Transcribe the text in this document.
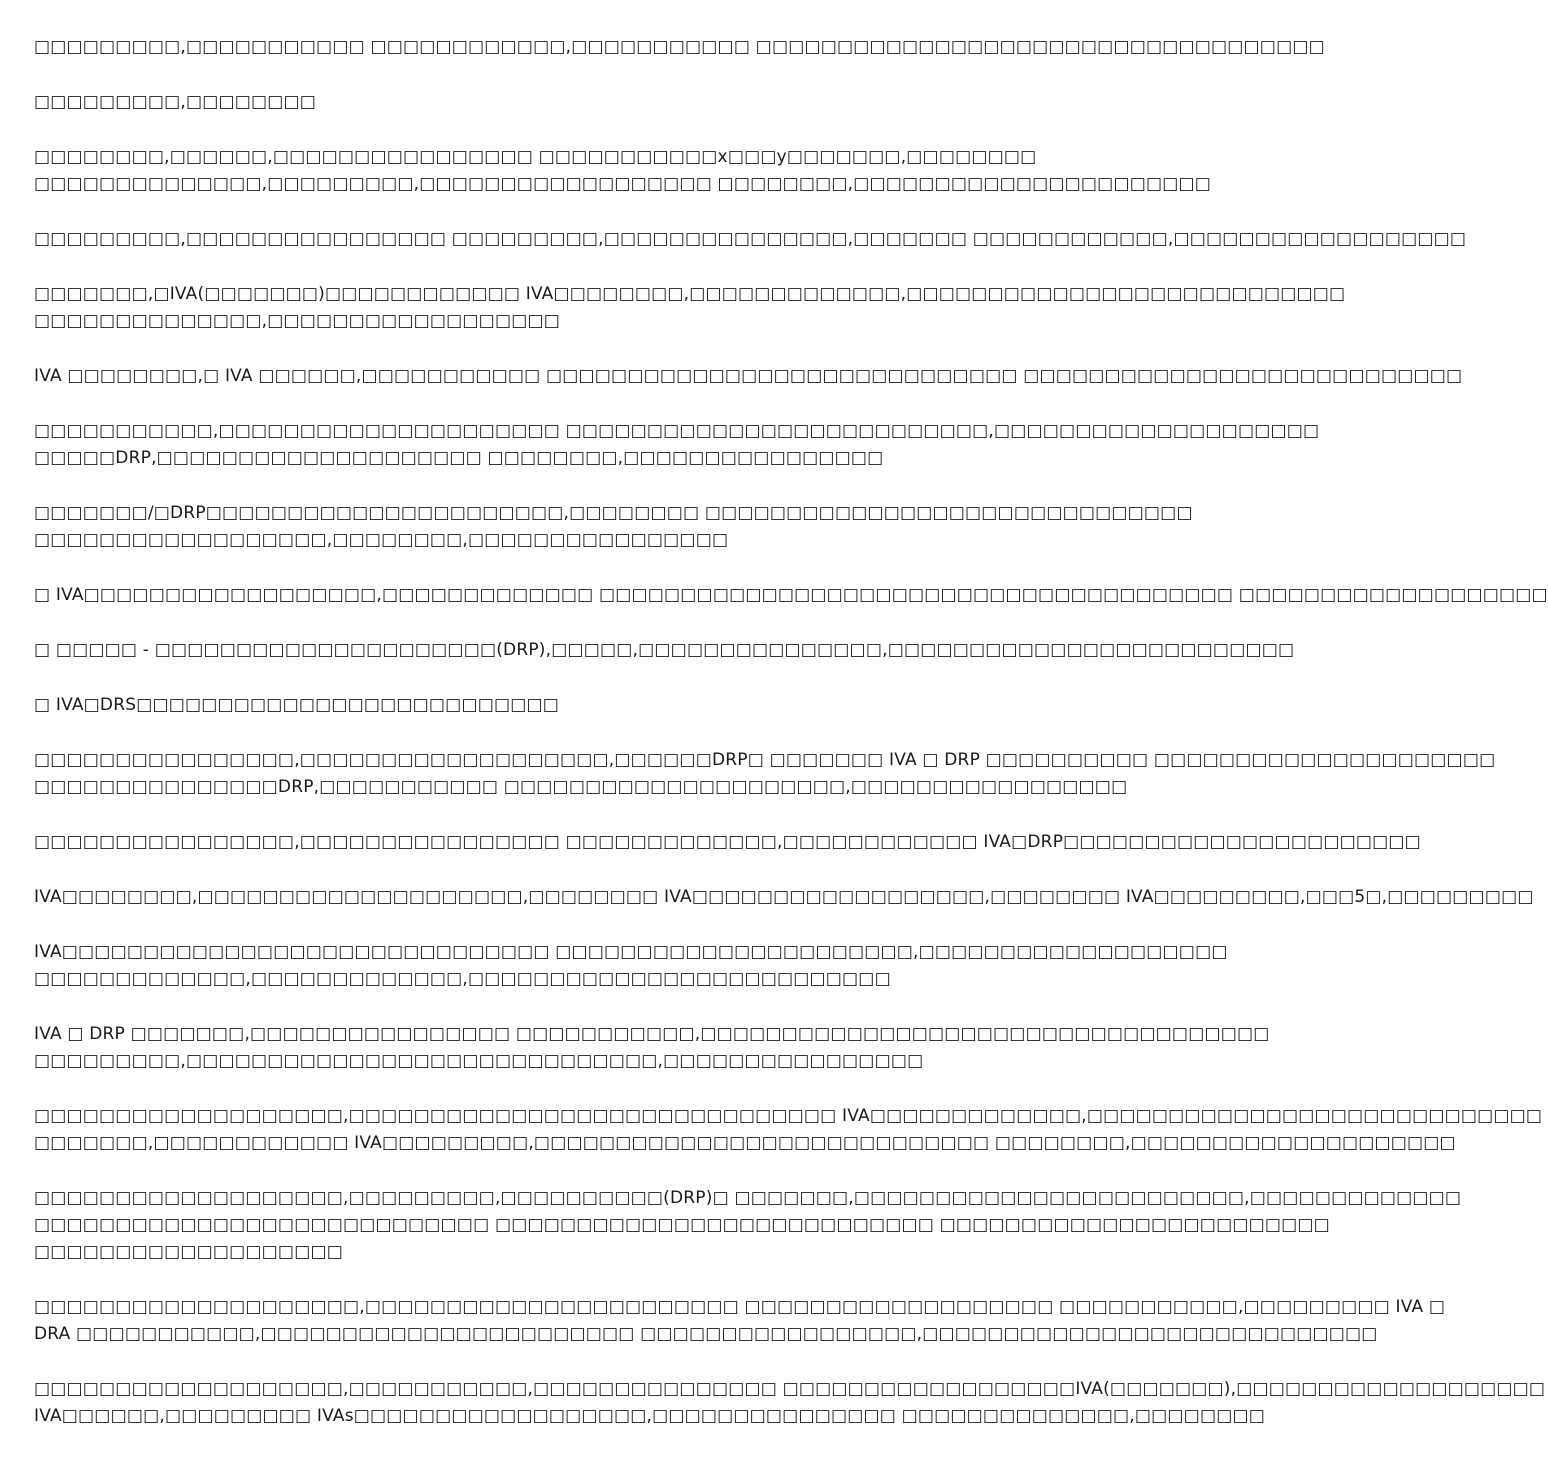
□□□□□□□□□,□□□□□□□□□□□ □□□□□□□□□□□□,□□□□□□□□□□□ □□□□□□□□□□□□□□□□□□□□□□□□□□□□□□□□□□□
□□□□□□□□□,□□□□□□□□
□□□□□□□□,□□□□□□,□□□□□□□□□□□□□□□□ □□□□□□□□□□□x□□□y□□□□□□□,□□□□□□□□
□□□□□□□□□□□□□□,□□□□□□□□□,□□□□□□□□□□□□□□□□□□ □□□□□□□□,□□□□□□□□□□□□□□□□□□□□□□
□□□□□□□□□,□□□□□□□□□□□□□□□□ □□□□□□□□□,□□□□□□□□□□□□□□□,□□□□□□□ □□□□□□□□□□□□,□□□□□□□□□□□□□□□□□□
□□□□□□□,□IVA(□□□□□□□)□□□□□□□□□□□□ IVA□□□□□□□□,□□□□□□□□□□□□□,□□□□□□□□□□□□□□□□□□□□□□□□□□□
□□□□□□□□□□□□□□,□□□□□□□□□□□□□□□□□□
IVA □□□□□□□□,□ IVA □□□□□□,□□□□□□□□□□□ □□□□□□□□□□□□□□□□□□□□□□□□□□□□□ □□□□□□□□□□□□□□□□□□□□□□□□□□□
□□□□□□□□□□□,□□□□□□□□□□□□□□□□□□□□□ □□□□□□□□□□□□□□□□□□□□□□□□□□,□□□□□□□□□□□□□□□□□□□□
□□□□□DRP,□□□□□□□□□□□□□□□□□□□□ □□□□□□□□,□□□□□□□□□□□□□□□□
□□□□□□□/□DRP□□□□□□□□□□□□□□□□□□□□□□,□□□□□□□□ □□□□□□□□□□□□□□□□□□□□□□□□□□□□□□
□□□□□□□□□□□□□□□□□□,□□□□□□□□,□□□□□□□□□□□□□□□□
□ IVA□□□□□□□□□□□□□□□□□□,□□□□□□□□□□□□□ □□□□□□□□□□□□□□□□□□□□□□□□□□□□□□□□□□□□□□□ □□□□□□□□□□□□□□□□□□□
□ □□□□□ - □□□□□□□□□□□□□□□□□□□□□(DRP),□□□□□,□□□□□□□□□□□□□□□,□□□□□□□□□□□□□□□□□□□□□□□□□
□ IVA□DRS□□□□□□□□□□□□□□□□□□□□□□□□□□
□□□□□□□□□□□□□□□□,□□□□□□□□□□□□□□□□□□□,□□□□□□DRP□ □□□□□□□ IVA □ DRP □□□□□□□□□□ □□□□□□□□□□□□□□□□□□□□□
□□□□□□□□□□□□□□□DRP,□□□□□□□□□□□ □□□□□□□□□□□□□□□□□□□□□,□□□□□□□□□□□□□□□□□
□□□□□□□□□□□□□□□□,□□□□□□□□□□□□□□□□ □□□□□□□□□□□□□,□□□□□□□□□□□□ IVA□DRP□□□□□□□□□□□□□□□□□□□□□□
IVA□□□□□□□□,□□□□□□□□□□□□□□□□□□□□,□□□□□□□□ IVA□□□□□□□□□□□□□□□□□□,□□□□□□□□ IVA□□□□□□□□□,□□□5□,□□□□□□□□□
IVA□□□□□□□□□□□□□□□□□□□□□□□□□□□□□□ □□□□□□□□□□□□□□□□□□□□□□,□□□□□□□□□□□□□□□□□□□
□□□□□□□□□□□□□,□□□□□□□□□□□□□,□□□□□□□□□□□□□□□□□□□□□□□□□□
IVA □ DRP □□□□□□□,□□□□□□□□□□□□□□□□ □□□□□□□□□□□,□□□□□□□□□□□□□□□□□□□□□□□□□□□□□□□□□□□
□□□□□□□□□,□□□□□□□□□□□□□□□□□□□□□□□□□□□□□,□□□□□□□□□□□□□□□□
□□□□□□□□□□□□□□□□□□□,□□□□□□□□□□□□□□□□□□□□□□□□□□□□□□ IVA□□□□□□□□□□□□□,□□□□□□□□□□□□□□□□□□□□□□□□□□□□
□□□□□□□,□□□□□□□□□□□□ IVA□□□□□□□□□,□□□□□□□□□□□□□□□□□□□□□□□□□□□□ □□□□□□□□,□□□□□□□□□□□□□□□□□□□□
□□□□□□□□□□□□□□□□□□□,□□□□□□□□□,□□□□□□□□□□(DRP)□ □□□□□□□,□□□□□□□□□□□□□□□□□□□□□□□□,□□□□□□□□□□□□□
□□□□□□□□□□□□□□□□□□□□□□□□□□□□ □□□□□□□□□□□□□□□□□□□□□□□□□□□ □□□□□□□□□□□□□□□□□□□□□□□□
□□□□□□□□□□□□□□□□□□□
□□□□□□□□□□□□□□□□□□□□,□□□□□□□□□□□□□□□□□□□□□□□ □□□□□□□□□□□□□□□□□□□ □□□□□□□□□□□,□□□□□□□□□ IVA □
DRA □□□□□□□□□□□,□□□□□□□□□□□□□□□□□□□□□□□ □□□□□□□□□□□□□□□□□,□□□□□□□□□□□□□□□□□□□□□□□□□□□□
□□□□□□□□□□□□□□□□□□□,□□□□□□□□□□□,□□□□□□□□□□□□□□□ □□□□□□□□□□□□□□□□□□IVA(□□□□□□□),□□□□□□□□□□□□□□□□□□□
IVA□□□□□□,□□□□□□□□□ IVAs□□□□□□□□□□□□□□□□□□,□□□□□□□□□□□□□□□ □□□□□□□□□□□□□□,□□□□□□□□
